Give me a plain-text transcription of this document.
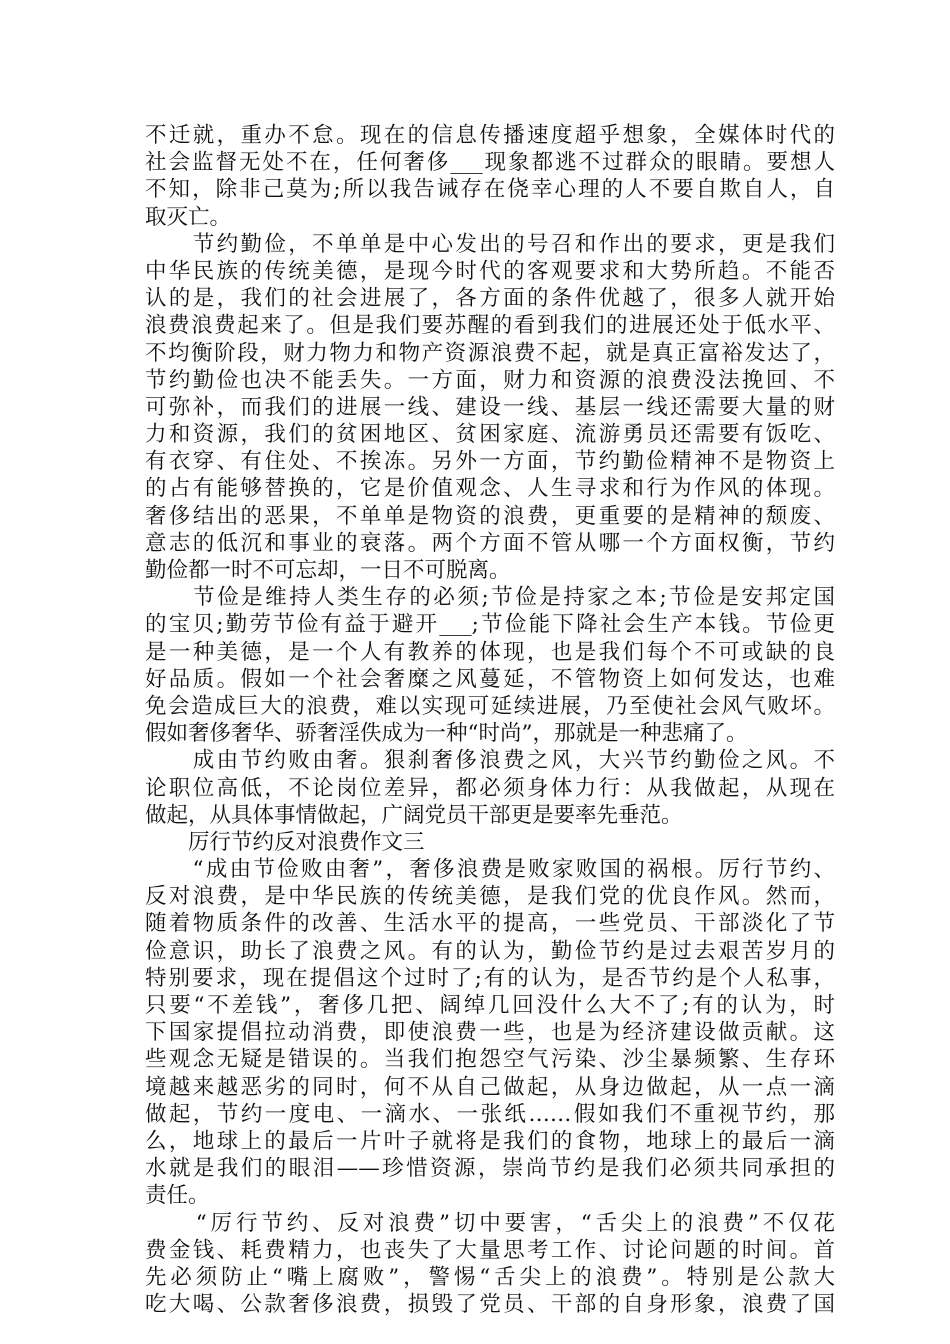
不迁就，重办不怠。现在的信息传播速度超乎想象，全媒体时代的
社会监督无处不在，任何奢侈___现象都逃不过群众的眼睛。要想人
不知，除非己莫为;所以我告诫存在侥幸心理的人不要自欺自人，自
取灭亡。
　　节约勤俭，不单单是中心发出的号召和作出的要求，更是我们
中华民族的传统美德，是现今时代的客观要求和大势所趋。不能否
认的是，我们的社会进展了，各方面的条件优越了，很多人就开始
浪费浪费起来了。但是我们要苏醒的看到我们的进展还处于低水平、
不均衡阶段，财力物力和物产资源浪费不起，就是真正富裕发达了，
节约勤俭也决不能丢失。一方面，财力和资源的浪费没法挽回、不
可弥补，而我们的进展一线、建设一线、基层一线还需要大量的财
力和资源，我们的贫困地区、贫困家庭、流游勇员还需要有饭吃、
有衣穿、有住处、不挨冻。另外一方面，节约勤俭精神不是物资上
的占有能够替换的，它是价值观念、人生寻求和行为作风的体现。
奢侈结出的恶果，不单单是物资的浪费，更重要的是精神的颓废、
意志的低沉和事业的衰落。两个方面不管从哪一个方面权衡，节约
勤俭都一时不可忘却，一日不可脱离。
　　节俭是维持人类生存的必须;节俭是持家之本;节俭是安邦定国
的宝贝;勤劳节俭有益于避开___;节俭能下降社会生产本钱。节俭更
是一种美德，是一个人有教养的体现，也是我们每个不可或缺的良
好品质。假如一个社会奢糜之风蔓延，不管物资上如何发达，也难
免会造成巨大的浪费，难以实现可延续进展，乃至使社会风气败坏。
假如奢侈奢华、骄奢淫佚成为一种“时尚”，那就是一种悲痛了。
　　成由节约败由奢。狠刹奢侈浪费之风，大兴节约勤俭之风。不
论职位高低，不论岗位差异，都必须身体力行：从我做起，从现在
做起，从具体事情做起，广阔党员干部更是要率先垂范。
　　厉行节约反对浪费作文三
　　“成由节俭败由奢”，奢侈浪费是败家败国的祸根。厉行节约、
反对浪费，是中华民族的传统美德，是我们党的优良作风。然而，
随着物质条件的改善、生活水平的提高，一些党员、干部淡化了节
俭意识，助长了浪费之风。有的认为，勤俭节约是过去艰苦岁月的
特别要求，现在提倡这个过时了;有的认为，是否节约是个人私事，
只要“不差钱”，奢侈几把、阔绰几回没什么大不了;有的认为，时
下国家提倡拉动消费，即使浪费一些，也是为经济建设做贡献。这
些观念无疑是错误的。当我们抱怨空气污染、沙尘暴频繁、生存环
境越来越恶劣的同时，何不从自己做起，从身边做起，从一点一滴
做起，节约一度电、一滴水、一张纸……假如我们不重视节约，那
么，地球上的最后一片叶子就将是我们的食物，地球上的最后一滴
水就是我们的眼泪——珍惜资源，崇尚节约是我们必须共同承担的
责任。
　　“厉行节约、反对浪费”切中要害，“舌尖上的浪费”不仅花
费金钱、耗费精力，也丧失了大量思考工作、讨论问题的时间。首
先必须防止“嘴上腐败”，警惕“舌尖上的浪费”。特别是公款大
吃大喝、公款奢侈浪费，损毁了党员、干部的自身形象，浪费了国
